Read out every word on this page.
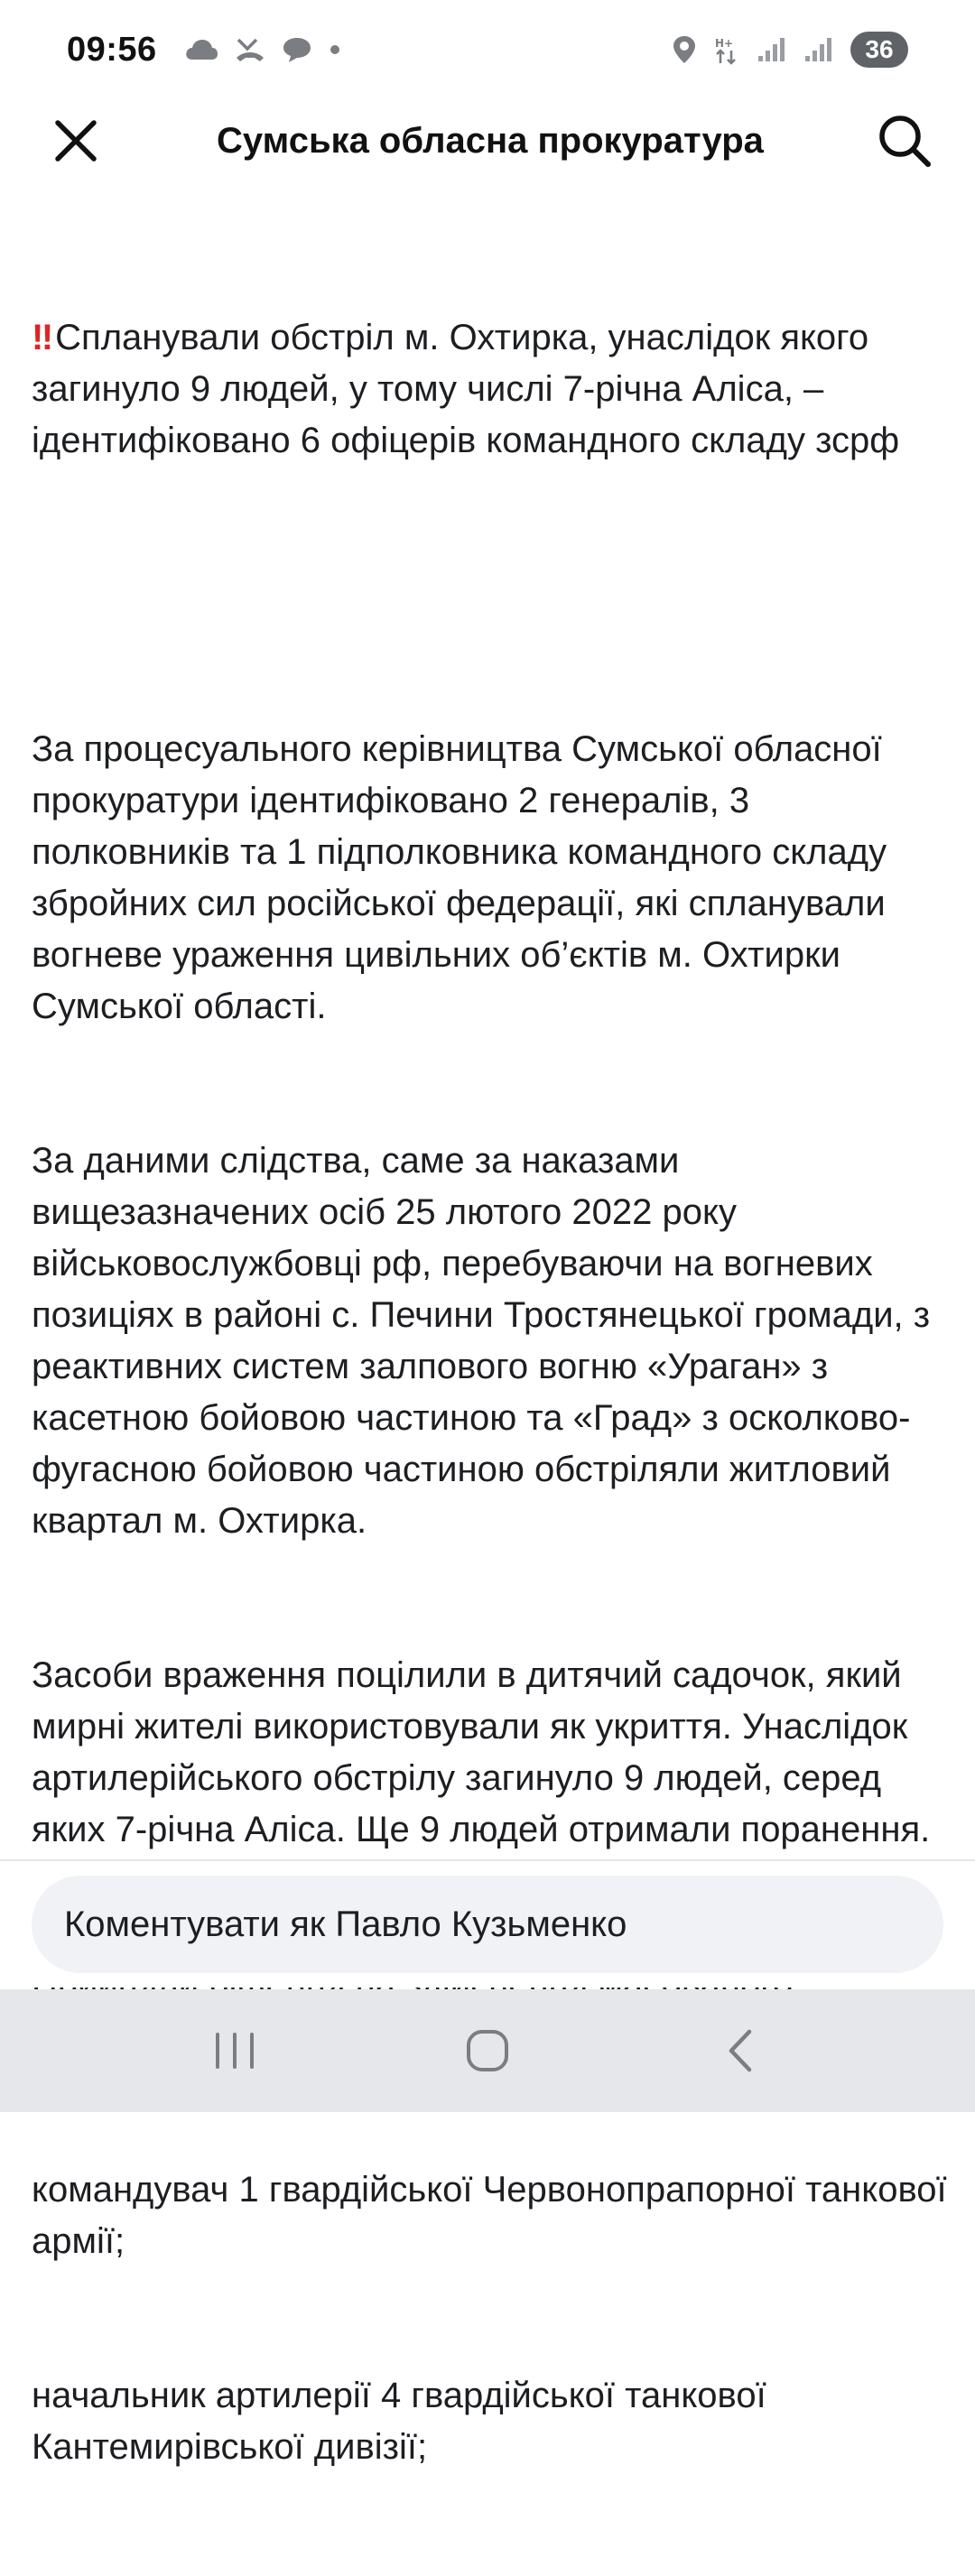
09:56	H+	36
Сумська обласна прокуратура

‼ Спланували обстріл м. Охтирка, унаслідок якого загинуло 9 людей, у тому числі 7-річна Аліса, – ідентифіковано 6 офіцерів командного складу зсрф

За процесуального керівництва Сумської обласної прокуратури ідентифіковано 2 генералів, 3 полковників та 1 підполковника командного складу збройних сил російської федерації, які спланували вогневе ураження цивільних об’єктів м. Охтирки Сумської області.

За даними слідства, саме за наказами вищезазначених осіб 25 лютого 2022 року військовослужбовці рф, перебуваючи на вогневих позиціях в районі с. Печини Тростянецької громади, з реактивних систем залпового вогню «Ураган» з касетною бойовою частиною та «Град» з осколково-фугасною бойовою частиною обстріляли житловий квартал м. Охтирка.

Засоби враження поцілили в дитячий садочок, який мирні жителі використовували як укриття. Унаслідок артилерійського обстрілу загинуло 9 людей, серед яких 7-річна Аліса. Ще 9 людей отримали поранення.

командувач 1 гвардійської Червонопрапорної танкової армії;

начальник артилерії 4 гвардійської танкової Кантемирівської дивізії;

Коментувати як Павло Кузьменко
